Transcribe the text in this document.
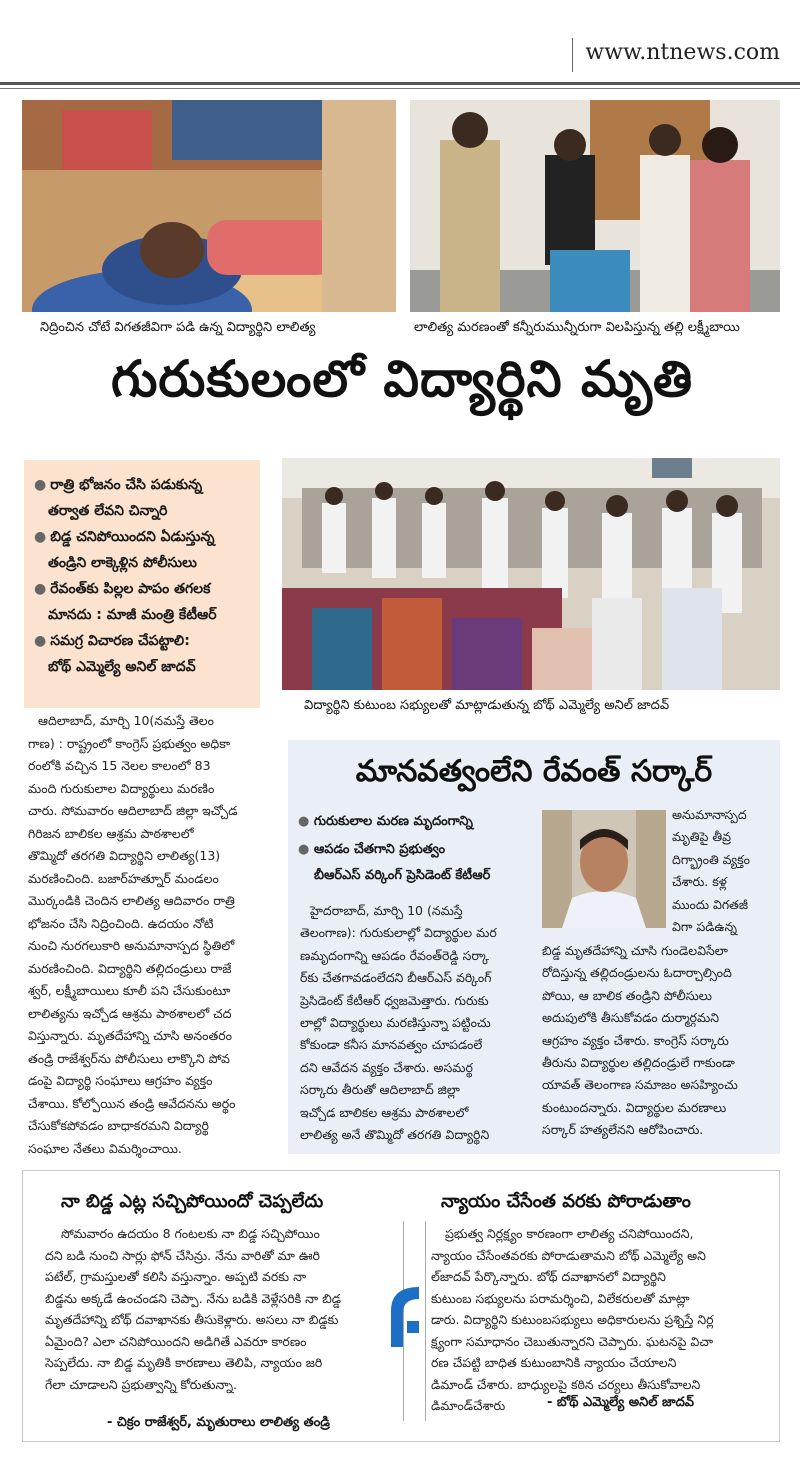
www.ntnews.com
నిద్రించిన చోటే విగతజీవిగా పడి ఉన్న విద్యార్థిని లాలిత్య	లాలిత్య మరణంతో కన్నీరుమున్నీరుగా విలపిస్తున్న తల్లి లక్ష్మీబాయి
గురుకులంలో విద్యార్థిని మృతి
● రాత్రి భోజనం చేసి పడుకున్న
తర్వాత లేవని చిన్నారి
● బిడ్డ చనిపోయిందని ఏడుస్తున్న
తండ్రిని లాక్కెళ్లిన పోలీసులు
● రేవంత్‌కు పిల్లల పాపం తగలక
మానదు : మాజీ మంత్రి కేటీఆర్
● సమగ్ర విచారణ చేపట్టాలి:
బోథ్ ఎమ్మెల్యే అనిల్ జాదవ్
విద్యార్థిని కుటుంబ సభ్యులతో మాట్లాడుతున్న బోథ్ ఎమ్మెల్యే అనిల్ జాదవ్

ఆదిలాబాద్, మార్చి 10(నమస్తే తెలం

గాణ) : రాష్ట్రంలో కాంగ్రెస్ ప్రభుత్వం అధికా

రంలోకి వచ్చిన 15 నెలల కాలంలో 83

మంది గురుకులాల విద్యార్థులు మరణిం

చారు. సోమవారం ఆదిలాబాద్ జిల్లా ఇచ్చోడ

గిరిజన బాలికల ఆశ్రమ పాఠశాలలో

తొమ్మిదో తరగతి విద్యార్థిని లాలిత్య(13)

మరణించింది. బజార్‌హత్నూర్ మండలం

మొర్కండికి చెందిన లాలిత్య ఆదివారం రాత్రి

భోజనం చేసి నిద్రించింది. ఉదయం నోటి

నుంచి నురగలుకారి అనుమానాస్పద స్థితిలో

మరణించింది. విద్యార్థిని తల్లిదండ్రులు రాజే

శ్వర్, లక్ష్మీబాయిలు కూలీ పని చేసుకుంటూ

లాలిత్యను ఇచ్చోడ ఆశ్రమ పాఠశాలలో చద

విస్తున్నారు. మృతదేహాన్ని చూసి అనంతరం

తండ్రి రాజేశ్వర్‌ను పోలీసులు లాక్కొని పోవ

డంపై విద్యార్థి సంఘాలు ఆగ్రహం వ్యక్తం

చేశాయి. కోల్పోయిన తండ్రి ఆవేదనను అర్థం

చేసుకోకపోవడం బాధాకరమని విద్యార్థి

సంఘాల నేతలు విమర్శించాయి.

మానవత్వంలేని రేవంత్ సర్కార్
● గురుకులాల మరణ మృదంగాన్ని
● ఆపడం చేతగాని ప్రభుత్వం
బీఆర్ఎస్ వర్కింగ్ ప్రెసిడెంట్ కేటీఆర్

అనుమానాస్పద

మృతిపై తీవ్ర

దిగ్భ్రాంతి వ్యక్తం

చేశారు. కళ్ల

ముందు విగతజీ

విగా పడిఉన్న

హైదరాబాద్, మార్చి 10 (నమస్తే

తెలంగాణ): గురుకులాల్లో విద్యార్థుల మర

ణమృదంగాన్ని ఆపడం రేవంత్‌రెడ్డి సర్కా

ర్‌కు చేతగావడంలేదని బీఆర్ఎస్ వర్కింగ్

ప్రెసిడెంట్ కేటీఆర్ ధ్వజమెత్తారు. గురుకు

లాల్లో విద్యార్థులు మరణిస్తున్నా పట్టించు

కోకుండా కనీస మానవత్వం చూపడంలే

దని ఆవేదన వ్యక్తం చేశారు. అసమర్థ

సర్కారు తీరుతో ఆదిలాబాద్ జిల్లా

ఇచ్చోడ బాలికల ఆశ్రమ పాఠశాలలో

లాలిత్య అనే తొమ్మిదో తరగతి విద్యార్థిని

బిడ్డ మృతదేహాన్ని చూసి గుండెలవిసేలా

రోదిస్తున్న తల్లిదండ్రులను ఓదార్చాల్సింది

పోయి, ఆ బాలిక తండ్రిని పోలీసులు

అదుపులోకి తీసుకోవడం దుర్మార్గమని

ఆగ్రహం వ్యక్తం చేశారు. కాంగ్రెస్ సర్కారు

తీరును విద్యార్థుల తల్లిదండ్రులే గాకుండా

యావత్ తెలంగాణ సమాజం అసహ్యించు

కుంటుందన్నారు. విద్యార్థుల మరణాలు

సర్కార్ హత్యలేనని ఆరోపించారు.

నా బిడ్డ ఎట్ల సచ్చిపోయిందో చెప్పలేదు

సోమవారం ఉదయం 8 గంటలకు నా బిడ్డ సచ్చిపోయిం

దని బడి నుంచి సార్లు ఫోన్ చేసిన్రు. నేను వారితో మా ఊరి

పటేల్, గ్రామస్తులతో కలిసి వస్తున్నాం. అప్పటి వరకు నా

బిడ్డను అక్కడే ఉంచండని చెప్పా. నేను బడికి వెళ్లేసరికి నా బిడ్డ

మృతదేహాన్ని బోథ్ దవాఖానకు తీసుకెళ్లారు. అసలు నా బిడ్డకు

ఏమైంది? ఎలా చనిపోయిందని అడిగితే ఎవరూ కారణం

సెప్పలేదు. నా బిడ్డ మృతికి కారణాలు తెలిపి, న్యాయం జరి

గేలా చూడాలని ప్రభుత్వాన్ని కోరుతున్నా.

- చిక్రం రాజేశ్వర్, మృతురాలు లాలిత్య తండ్రి
న్యాయం చేసేంత వరకు పోరాడుతాం

ప్రభుత్వ నిర్లక్ష్యం కారణంగా లాలిత్య చనిపోయిందని,

న్యాయం చేసేంతవరకు పోరాడుతామని బోథ్ ఎమ్మెల్యే అని

ల్‌జాదవ్ పేర్కొన్నారు. బోథ్ దవాఖానలో విద్యార్థిని

కుటుంబ సభ్యులను పరామర్శించి, విలేకరులతో మాట్లా

డారు. విద్యార్థిని కుటుంబసభ్యులు అధికారులను ప్రశ్నిస్తే నిర్ల

క్ష్యంగా సమాధానం చెబుతున్నారని చెప్పారు. ఘటనపై విచా

రణ చేపట్టి బాధిత కుటుంబానికి న్యాయం చేయాలని

డిమాండ్ చేశారు. బాధ్యులపై కఠిన చర్యలు తీసుకోవాలని

డిమాండ్‌చేశారు	- బోథ్ ఎమ్మెల్యే అనిల్ జాదవ్
